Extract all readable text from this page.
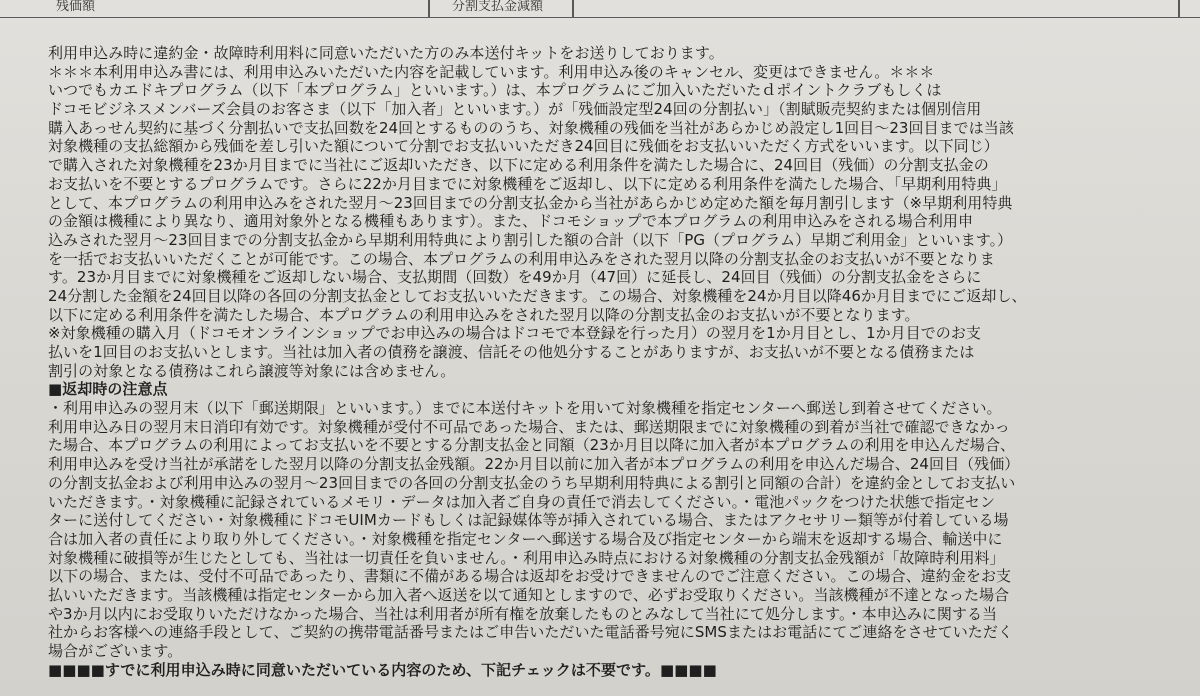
残価額	分割支払金減額
利用申込み時に違約金・故障時利用料に同意いただいた方のみ本送付キットをお送りしております。
＊＊＊本利用申込み書には、利用申込みいただいた内容を記載しています。利用申込み後のキャンセル、変更はできません。＊＊＊
いつでもカエドキプログラム（以下「本プログラム」といいます。）は、本プログラムにご加入いただいたｄポイントクラブもしくは
ドコモビジネスメンバーズ会員のお客さま（以下「加入者」といいます。）が「残価設定型24回の分割払い」（割賦販売契約または個別信用
購入あっせん契約に基づく分割払いで支払回数を24回とするもののうち、対象機種の残価を当社があらかじめ設定し1回目～23回目までは当該
対象機種の支払総額から残価を差し引いた額について分割でお支払いいただき24回目に残価をお支払いいただく方式をいいます。以下同じ）
で購入された対象機種を23か月目までに当社にご返却いただき、以下に定める利用条件を満たした場合に、24回目（残価）の分割支払金の
お支払いを不要とするプログラムです。さらに22か月目までに対象機種をご返却し、以下に定める利用条件を満たした場合、「早期利用特典」
として、本プログラムの利用申込みをされた翌月～23回目までの分割支払金から当社があらかじめ定めた額を毎月割引します（※早期利用特典
の金額は機種により異なり、適用対象外となる機種もあります）。また、ドコモショップで本プログラムの利用申込みをされる場合利用申
込みされた翌月～23回目までの分割支払金から早期利用特典により割引した額の合計（以下「PG（プログラム）早期ご利用金」といいます。）
を一括でお支払いいただくことが可能です。この場合、本プログラムの利用申込みをされた翌月以降の分割支払金のお支払いが不要となりま
す。23か月目までに対象機種をご返却しない場合、支払期間（回数）を49か月（47回）に延長し、24回目（残価）の分割支払金をさらに
24分割した金額を24回目以降の各回の分割支払金としてお支払いいただきます。この場合、対象機種を24か月目以降46か月目までにご返却し、
以下に定める利用条件を満たした場合、本プログラムの利用申込みをされた翌月以降の分割支払金のお支払いが不要となります。
※対象機種の購入月（ドコモオンラインショップでお申込みの場合はドコモで本登録を行った月）の翌月を1か月目とし、1か月目でのお支
払いを1回目のお支払いとします。当社は加入者の債務を譲渡、信託その他処分することがありますが、お支払いが不要となる債務または
割引の対象となる債務はこれら譲渡等対象には含めません。
■返却時の注意点
・利用申込みの翌月末（以下「郵送期限」といいます。）までに本送付キットを用いて対象機種を指定センターへ郵送し到着させてください。
利用申込み日の翌月末日消印有効です。対象機種が受付不可品であった場合、または、郵送期限までに対象機種の到着が当社で確認できなかっ
た場合、本プログラムの利用によってお支払いを不要とする分割支払金と同額（23か月目以降に加入者が本プログラムの利用を申込んだ場合、
利用申込みを受け当社が承諾をした翌月以降の分割支払金残額。22か月目以前に加入者が本プログラムの利用を申込んだ場合、24回目（残価）
の分割支払金および利用申込みの翌月～23回目までの各回の分割支払金のうち早期利用特典による割引と同額の合計）を違約金としてお支払い
いただきます。・対象機種に記録されているメモリ・データは加入者ご自身の責任で消去してください。・電池パックをつけた状態で指定セン
ターに送付してください・対象機種にドコモUIMカードもしくは記録媒体等が挿入されている場合、またはアクセサリー類等が付着している場
合は加入者の責任により取り外してください。・対象機種を指定センターへ郵送する場合及び指定センターから端末を返却する場合、輸送中に
対象機種に破損等が生じたとしても、当社は一切責任を負いません。・利用申込み時点における対象機種の分割支払金残額が「故障時利用料」
以下の場合、または、受付不可品であったり、書類に不備がある場合は返却をお受けできませんのでご注意ください。この場合、違約金をお支
払いいただきます。当該機種は指定センターから加入者へ返送を以て通知としますので、必ずお受取りください。当該機種が不達となった場合
や3か月以内にお受取りいただけなかった場合、当社は利用者が所有権を放棄したものとみなして当社にて処分します。・本申込みに関する当
社からお客様への連絡手段として、ご契約の携帯電話番号またはご申告いただいた電話番号宛にSMSまたはお電話にてご連絡をさせていただく
場合がございます。
■■■■すでに利用申込み時に同意いただいている内容のため、下記チェックは不要です。■■■■
